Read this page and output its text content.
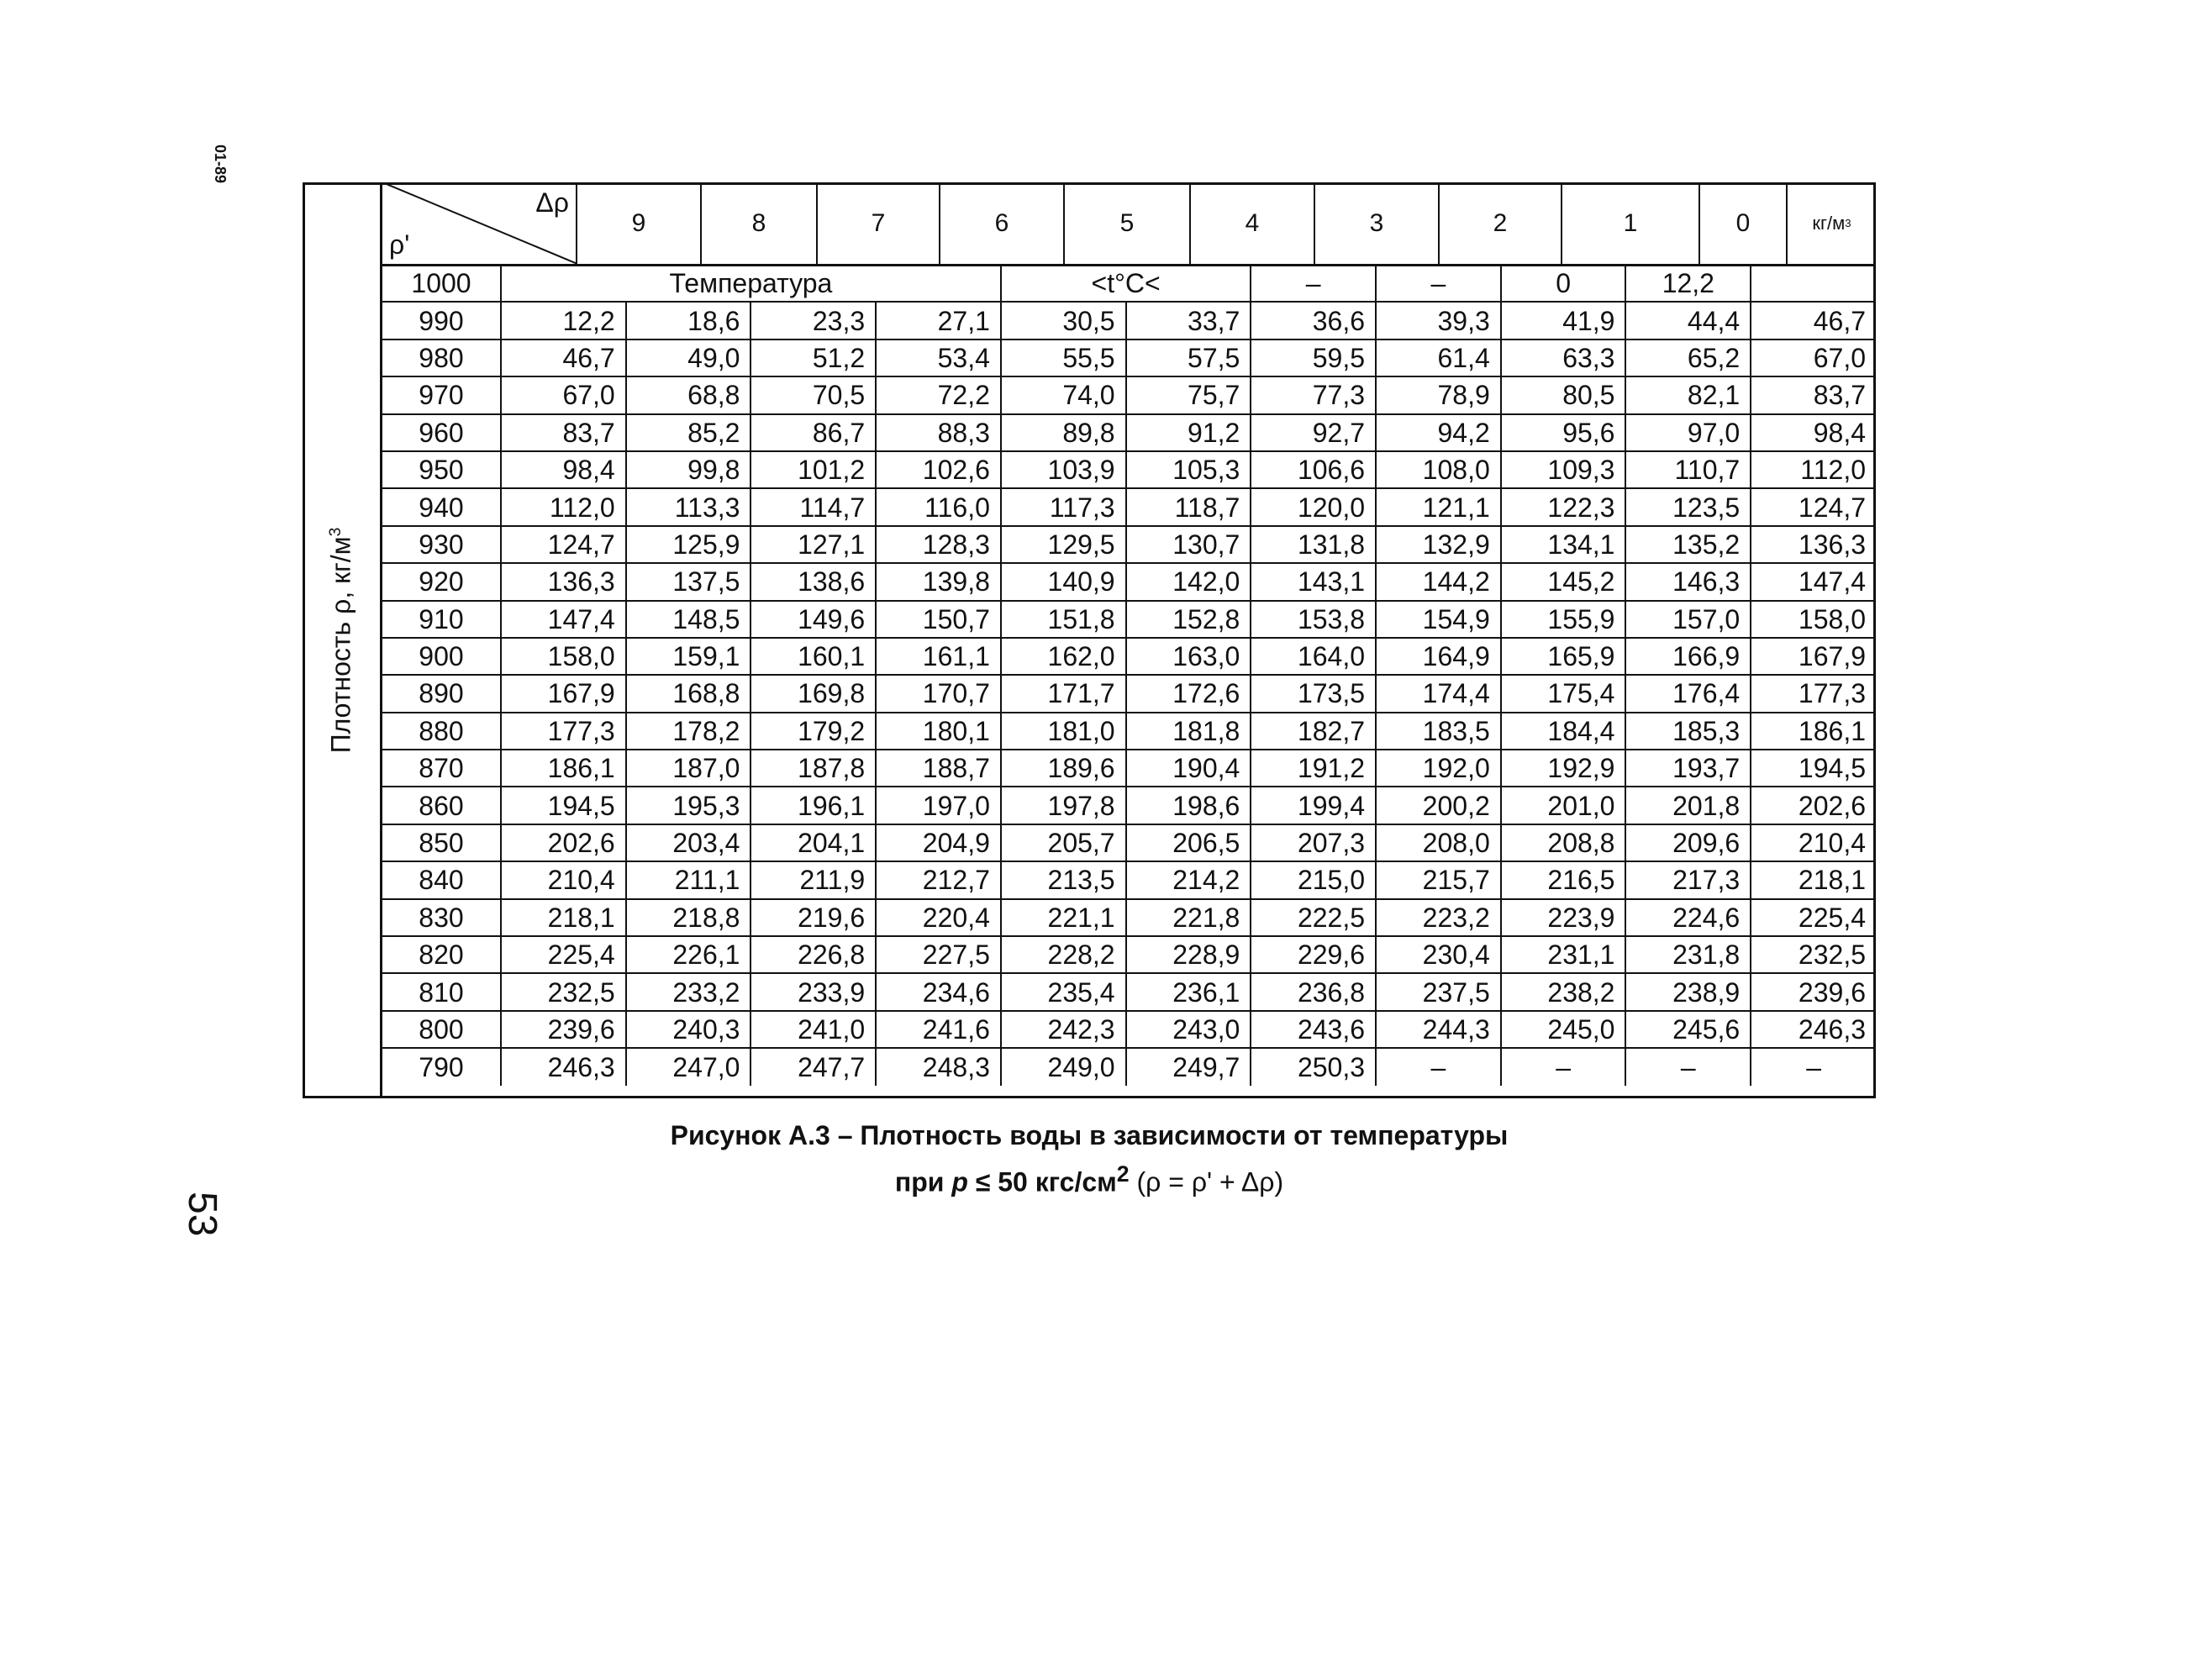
01-89
53
Плотность ρ, $кг/м^3$
Δρ
ρ'
9	8	7	6	5	4	3	2	1	0	кг/м 3
1000	Температура				<t°C<		–	–	0	12,2	
990	12,2	18,6	23,3	27,1	30,5	33,7	36,6	39,3	41,9	44,4	46,7
980	46,7	49,0	51,2	53,4	55,5	57,5	59,5	61,4	63,3	65,2	67,0
970	67,0	68,8	70,5	72,2	74,0	75,7	77,3	78,9	80,5	82,1	83,7
960	83,7	85,2	86,7	88,3	89,8	91,2	92,7	94,2	95,6	97,0	98,4
950	98,4	99,8	101,2	102,6	103,9	105,3	106,6	108,0	109,3	110,7	112,0
940	112,0	113,3	114,7	116,0	117,3	118,7	120,0	121,1	122,3	123,5	124,7
930	124,7	125,9	127,1	128,3	129,5	130,7	131,8	132,9	134,1	135,2	136,3
920	136,3	137,5	138,6	139,8	140,9	142,0	143,1	144,2	145,2	146,3	147,4
910	147,4	148,5	149,6	150,7	151,8	152,8	153,8	154,9	155,9	157,0	158,0
900	158,0	159,1	160,1	161,1	162,0	163,0	164,0	164,9	165,9	166,9	167,9
890	167,9	168,8	169,8	170,7	171,7	172,6	173,5	174,4	175,4	176,4	177,3
880	177,3	178,2	179,2	180,1	181,0	181,8	182,7	183,5	184,4	185,3	186,1
870	186,1	187,0	187,8	188,7	189,6	190,4	191,2	192,0	192,9	193,7	194,5
860	194,5	195,3	196,1	197,0	197,8	198,6	199,4	200,2	201,0	201,8	202,6
850	202,6	203,4	204,1	204,9	205,7	206,5	207,3	208,0	208,8	209,6	210,4
840	210,4	211,1	211,9	212,7	213,5	214,2	215,0	215,7	216,5	217,3	218,1
830	218,1	218,8	219,6	220,4	221,1	221,8	222,5	223,2	223,9	224,6	225,4
820	225,4	226,1	226,8	227,5	228,2	228,9	229,6	230,4	231,1	231,8	232,5
810	232,5	233,2	233,9	234,6	235,4	236,1	236,8	237,5	238,2	238,9	239,6
800	239,6	240,3	241,0	241,6	242,3	243,0	243,6	244,3	245,0	245,6	246,3
790	246,3	247,0	247,7	248,3	249,0	249,7	250,3	–	–	–	–
Рисунок А.3 – Плотность воды в зависимости от температуры
при p ≤ 50 кгс/$см^2$ (ρ = ρ' + Δρ)
